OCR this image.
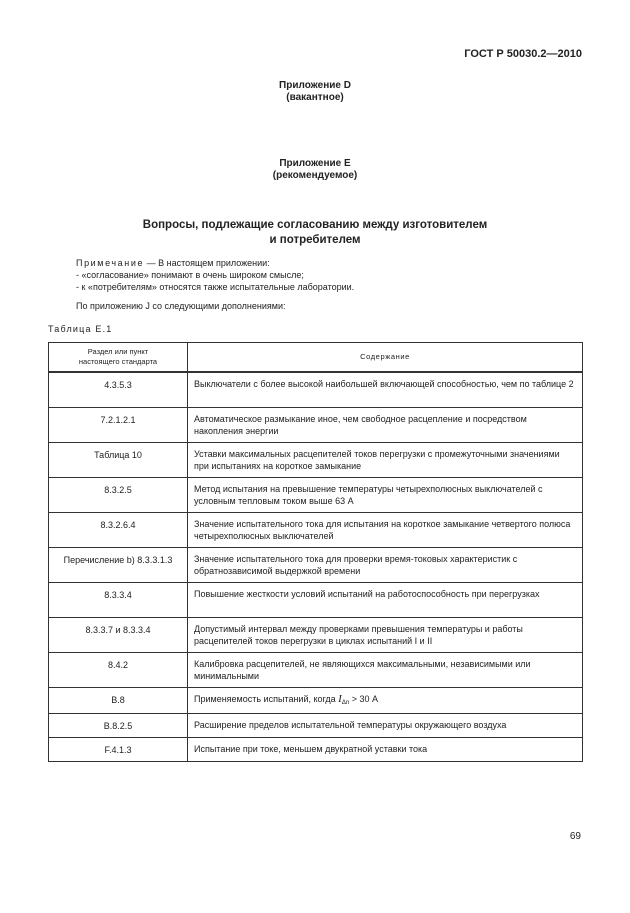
ГОСТ Р 50030.2—2010
Приложение D
(вакантное)
Приложение Е
(рекомендуемое)
Вопросы, подлежащие согласованию между изготовителем
и потребителем
Примечание — В настоящем приложении:
- «согласование» понимают в очень широком смысле;
- к «потребителям» относятся также испытательные лаборатории.
По приложению J со следующими дополнениями:
Таблица Е.1
Раздел или пункт
настоящего стандарта	Содержание
4.3.5.3	Выключатели с более высокой наибольшей включающей способностью, чем по таблице 2
7.2.1.2.1	Автоматическое размыкание иное, чем свободное расцепление и посредством накопления энергии
Таблица 10	Уставки максимальных расцепителей токов перегрузки с промежуточными значениями при испытаниях на короткое замыкание
8.3.2.5	Метод испытания на превышение температуры четырехполюсных выключателей с условным тепловым током выше 63 А
8.3.2.6.4	Значение испытательного тока для испытания на короткое замыкание четвертого полюса четырехполюсных выключателей
Перечисление b) 8.3.3.1.3	Значение испытательного тока для проверки время-токовых характеристик с обратнозависимой выдержкой времени
8.3.3.4	Повышение жесткости условий испытаний на работоспособность при перегрузках
8.3.3.7 и 8.3.3.4	Допустимый интервал между проверками превышения температуры и работы расцепителей токов перегрузки в циклах испытаний I и II
8.4.2	Калибровка расцепителей, не являющихся максимальными, независимыми или минимальными
В.8	Применяемость испытаний, когда $I_{\Delta n} > 30$ А
В.8.2.5	Расширение пределов испытательной температуры окружающего воздуха
F.4.1.3	Испытание при токе, меньшем двукратной уставки тока
69
